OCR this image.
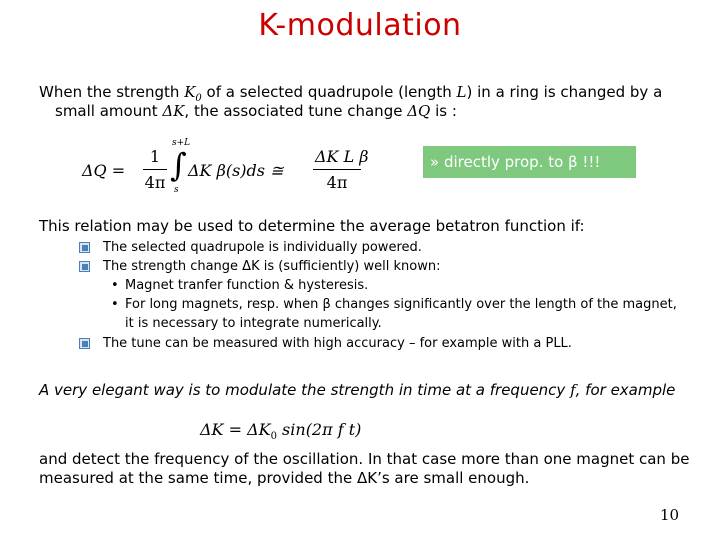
K-modulation
When the strength $K_0$ of a selected quadrupole (length L) in a ring is changed by a
small amount ΔK, the associated tune change ΔQ is :
ΔQ =
1
4π ∫
s+L
s
ΔK β(s)ds ≅
ΔK L β
4π
» directly prop. to β !!!
This relation may be used to determine the average betatron function if:
The selected quadrupole is individually powered.
The strength change ΔK is (sufficiently) well known:
• Magnet tranfer function & hysteresis.
• For long magnets, resp. when β changes significantly over the length of the magnet,
it is necessary to integrate numerically.
The tune can be measured with high accuracy – for example with a PLL.
A very elegant way is to modulate the strength in time at a frequency f, for example
$\Delta K = \Delta K_0$ sin(2π f t)
and detect the frequency of the oscillation. In that case more than one magnet can be
measured at the same time, provided the ΔK’s are small enough.
10
